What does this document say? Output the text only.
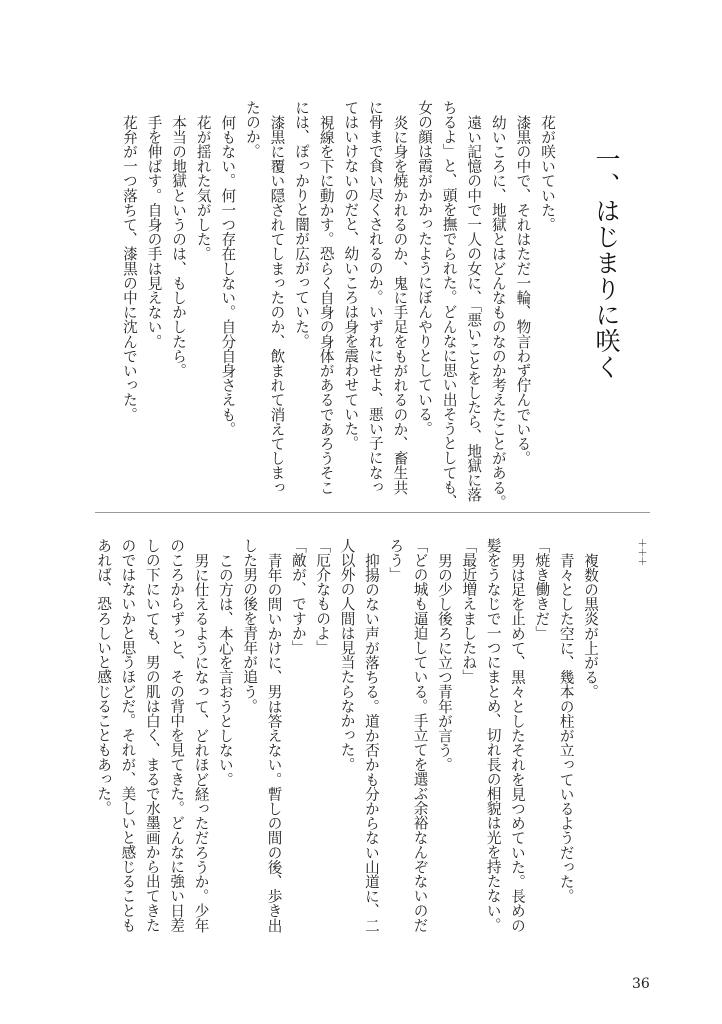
一、はじまりに咲く
花が咲いていた。
漆黒の中で、それはただ一輪、物言わず佇んでいる。
幼いころに、地獄とはどんなものなのか考えたことがある。
遠い記憶の中で一人の女に、「悪いことをしたら、地獄に落
ちるよ」と、頭を撫でられた。どんなに思い出そうとしても、
女の顔は霞がかかったようにぼんやりとしている。
炎に身を焼かれるのか、鬼に手足をもがれるのか、畜生共
に骨まで食い尽くされるのか。いずれにせよ、悪い子になっ
てはいけないのだと、幼いころは身を震わせていた。
視線を下に動かす。恐らく自身の身体があるであろうそこ
には、ぽっかりと闇が広がっていた。
漆黒に覆い隠されてしまったのか、飲まれて消えてしまっ
たのか。
何もない。何一つ存在しない。自分自身さえも。
花が揺れた気がした。
本当の地獄というのは、もしかしたら。
手を伸ばす。自身の手は見えない。
花弁が一つ落ちて、漆黒の中に沈んでいった。
＋＋＋
複数の黒炎が上がる。
青々とした空に、幾本の柱が立っているようだった。
「焼き働きだ」
男は足を止めて、黒々としたそれを見つめていた。長めの
髪をうなじで一つにまとめ、切れ長の相貌は光を持たない。
「最近増えましたね」
男の少し後ろに立つ青年が言う。
「どの城も逼迫している。手立てを選ぶ余裕なんぞないのだ
ろう」
抑揚のない声が落ちる。道か否かも分からない山道に、二
人以外の人間は見当たらなかった。
「厄介なものよ」
「敵が、ですか」
青年の問いかけに、男は答えない。暫しの間の後、歩き出
した男の後を青年が追う。
この方は、本心を言おうとしない。
男に仕えるようになって、どれほど経っただろうか。少年
のころからずっと、その背中を見てきた。どんなに強い日差
しの下にいても、男の肌は白く、まるで水墨画から出てきた
のではないかと思うほどだ。それが、美しいと感じることも
あれば、恐ろしいと感じることもあった。
36
